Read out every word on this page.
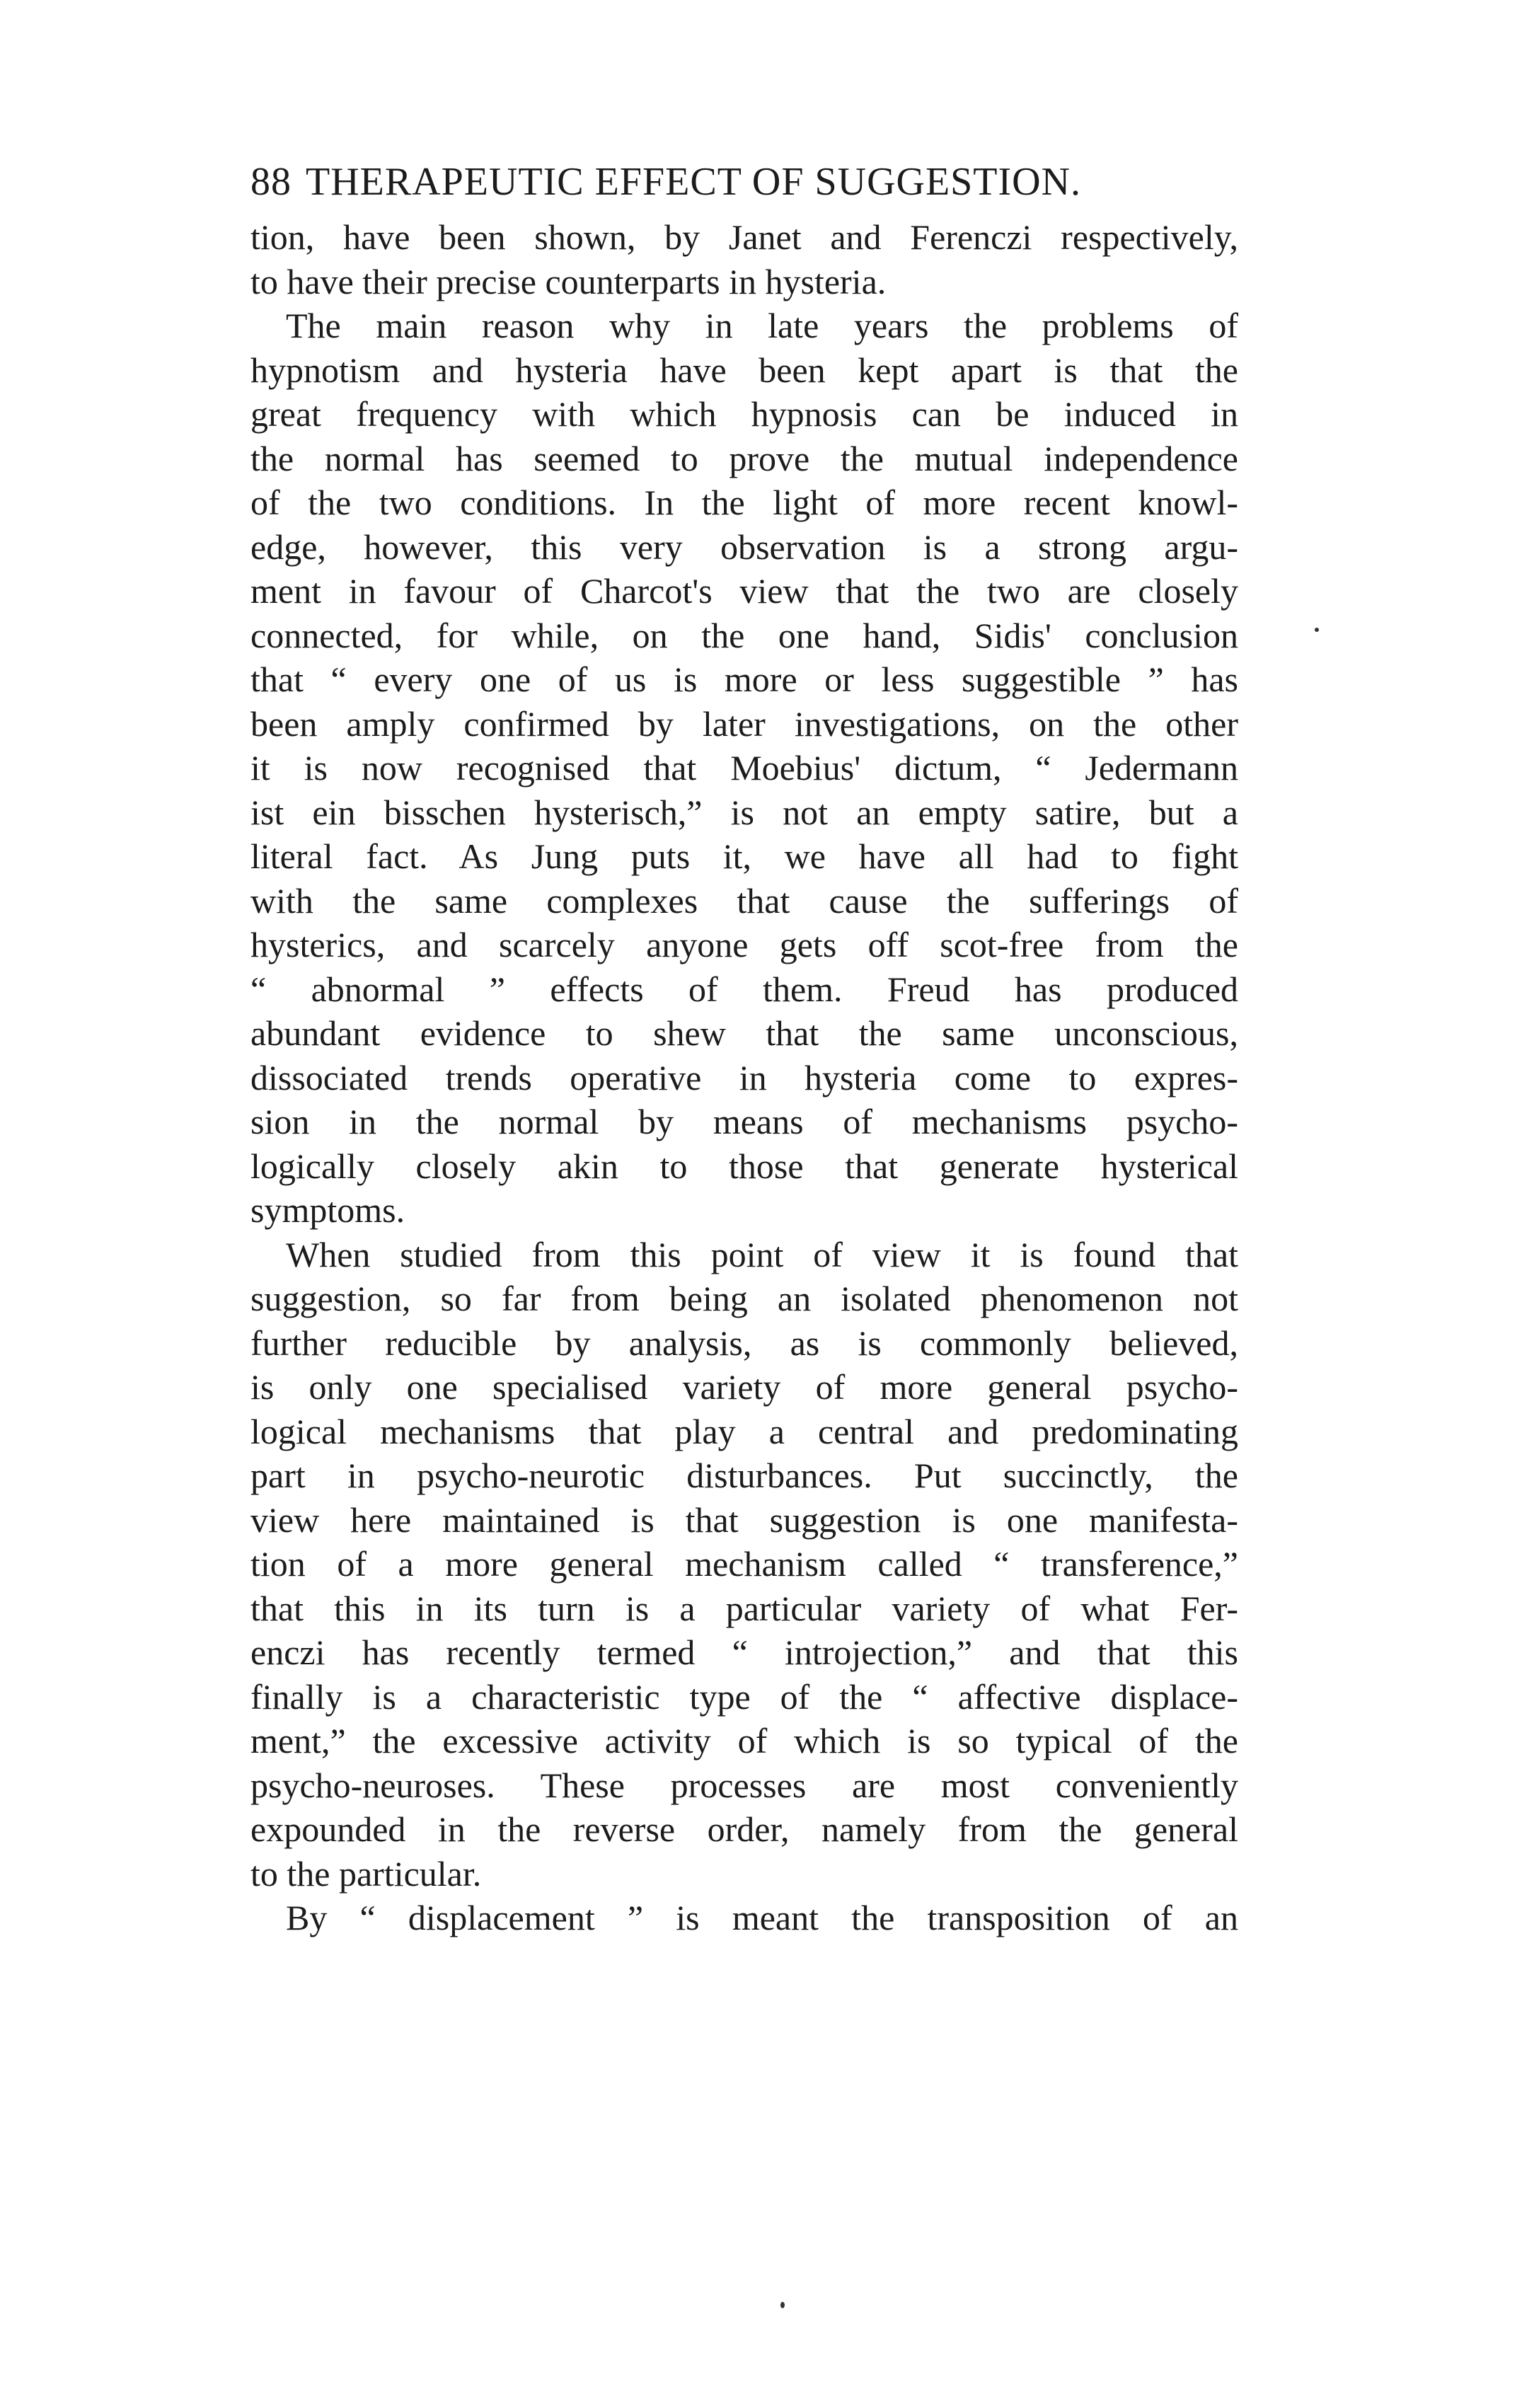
88 THERAPEUTIC EFFECT OF SUGGESTION.
tion, have been shown, by Janet and Ferenczi respectively,
to have their precise counterparts in hysteria.
The main reason why in late years the problems of
hypnotism and hysteria have been kept apart is that the
great frequency with which hypnosis can be induced in
the normal has seemed to prove the mutual independence
of the two conditions. In the light of more recent knowl-
edge, however, this very observation is a strong argu-
ment in favour of Charcot's view that the two are closely
connected, for while, on the one hand, Sidis' conclusion
that “ every one of us is more or less suggestible ” has
been amply confirmed by later investigations, on the other
it is now recognised that Moebius' dictum, “ Jedermann
ist ein bisschen hysterisch,” is not an empty satire, but a
literal fact. As Jung puts it, we have all had to fight
with the same complexes that cause the sufferings of
hysterics, and scarcely anyone gets off scot-free from the
“ abnormal ” effects of them. Freud has produced
abundant evidence to shew that the same unconscious,
dissociated trends operative in hysteria come to expres-
sion in the normal by means of mechanisms psycho-
logically closely akin to those that generate hysterical
symptoms.
When studied from this point of view it is found that
suggestion, so far from being an isolated phenomenon not
further reducible by analysis, as is commonly believed,
is only one specialised variety of more general psycho-
logical mechanisms that play a central and predominating
part in psycho-neurotic disturbances. Put succinctly, the
view here maintained is that suggestion is one manifesta-
tion of a more general mechanism called “ transference,”
that this in its turn is a particular variety of what Fer-
enczi has recently termed “ introjection,” and that this
finally is a characteristic type of the “ affective displace-
ment,” the excessive activity of which is so typical of the
psycho-neuroses. These processes are most conveniently
expounded in the reverse order, namely from the general
to the particular.
By “ displacement ” is meant the transposition of an
